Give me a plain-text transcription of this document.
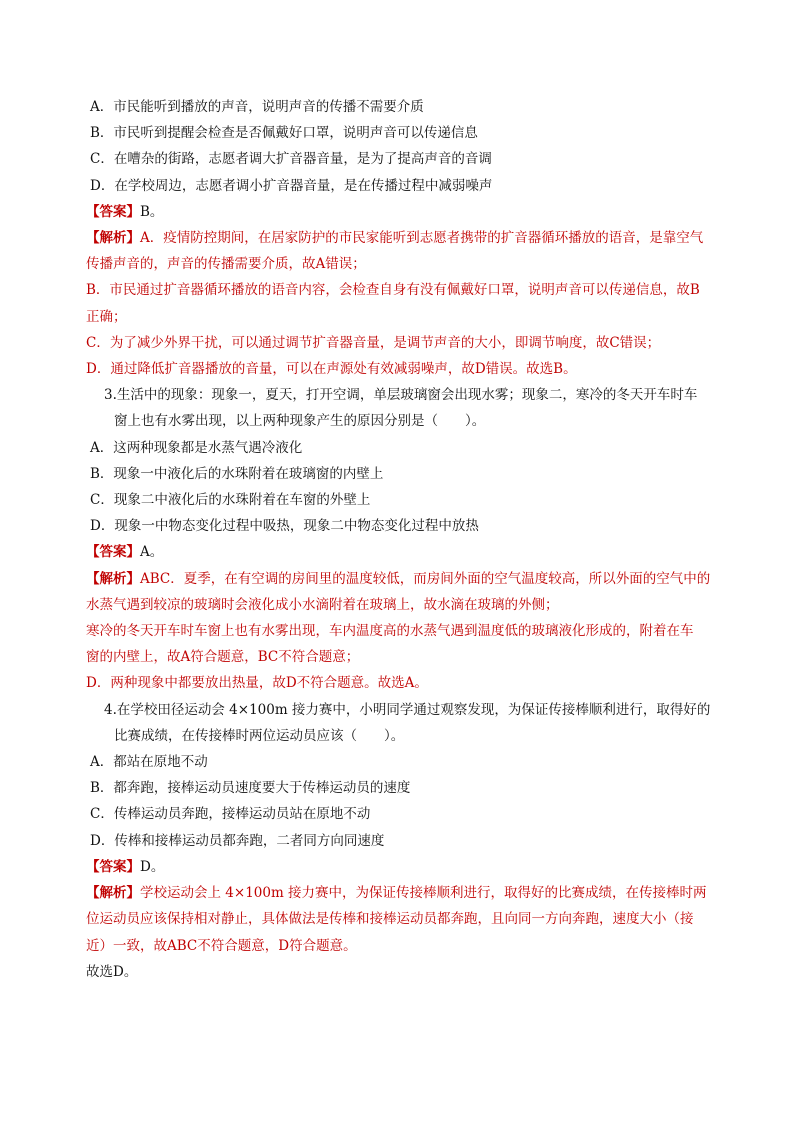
A．市民能听到播放的声音，说明声音的传播不需要介质
B．市民听到提醒会检查是否佩戴好口罩，说明声音可以传递信息
C．在嘈杂的街路，志愿者调大扩音器音量，是为了提高声音的音调
D．在学校周边，志愿者调小扩音器音量，是在传播过程中减弱噪声
【答案】B。
【解析】A．疫情防控期间，在居家防护的市民家能听到志愿者携带的扩音器循环播放的语音，是靠空气
传播声音的，声音的传播需要介质，故A错误；
B．市民通过扩音器循环播放的语音内容，会检查自身有没有佩戴好口罩，说明声音可以传递信息，故B
正确；
C．为了减少外界干扰，可以通过调节扩音器音量，是调节声音的大小，即调节响度，故C错误；
D．通过降低扩音器播放的音量，可以在声源处有效减弱噪声，故D错误。故选B。
3.生活中的现象：现象一，夏天，打开空调，单层玻璃窗会出现水雾；现象二，寒冷的冬天开车时车
窗上也有水雾出现，以上两种现象产生的原因分别是（　　）。
A．这两种现象都是水蒸气遇冷液化
B．现象一中液化后的水珠附着在玻璃窗的内壁上
C．现象二中液化后的水珠附着在车窗的外壁上
D．现象一中物态变化过程中吸热，现象二中物态变化过程中放热
【答案】A。
【解析】ABC．夏季，在有空调的房间里的温度较低，而房间外面的空气温度较高，所以外面的空气中的
水蒸气遇到较凉的玻璃时会液化成小水滴附着在玻璃上，故水滴在玻璃的外侧；
寒冷的冬天开车时车窗上也有水雾出现，车内温度高的水蒸气遇到温度低的玻璃液化形成的，附着在车
窗的内壁上，故A符合题意，BC不符合题意；
D．两种现象中都要放出热量，故D不符合题意。故选A。
4.在学校田径运动会 4×100m 接力赛中，小明同学通过观察发现，为保证传接棒顺利进行，取得好的
比赛成绩，在传接棒时两位运动员应该（　　）。
A．都站在原地不动
B．都奔跑，接棒运动员速度要大于传棒运动员的速度
C．传棒运动员奔跑，接棒运动员站在原地不动
D．传棒和接棒运动员都奔跑，二者同方向同速度
【答案】D。
【解析】学校运动会上 4×100m 接力赛中，为保证传接棒顺利进行，取得好的比赛成绩，在传接棒时两
位运动员应该保持相对静止，具体做法是传棒和接棒运动员都奔跑，且向同一方向奔跑，速度大小（接
近）一致，故ABC不符合题意，D符合题意。
故选D。
